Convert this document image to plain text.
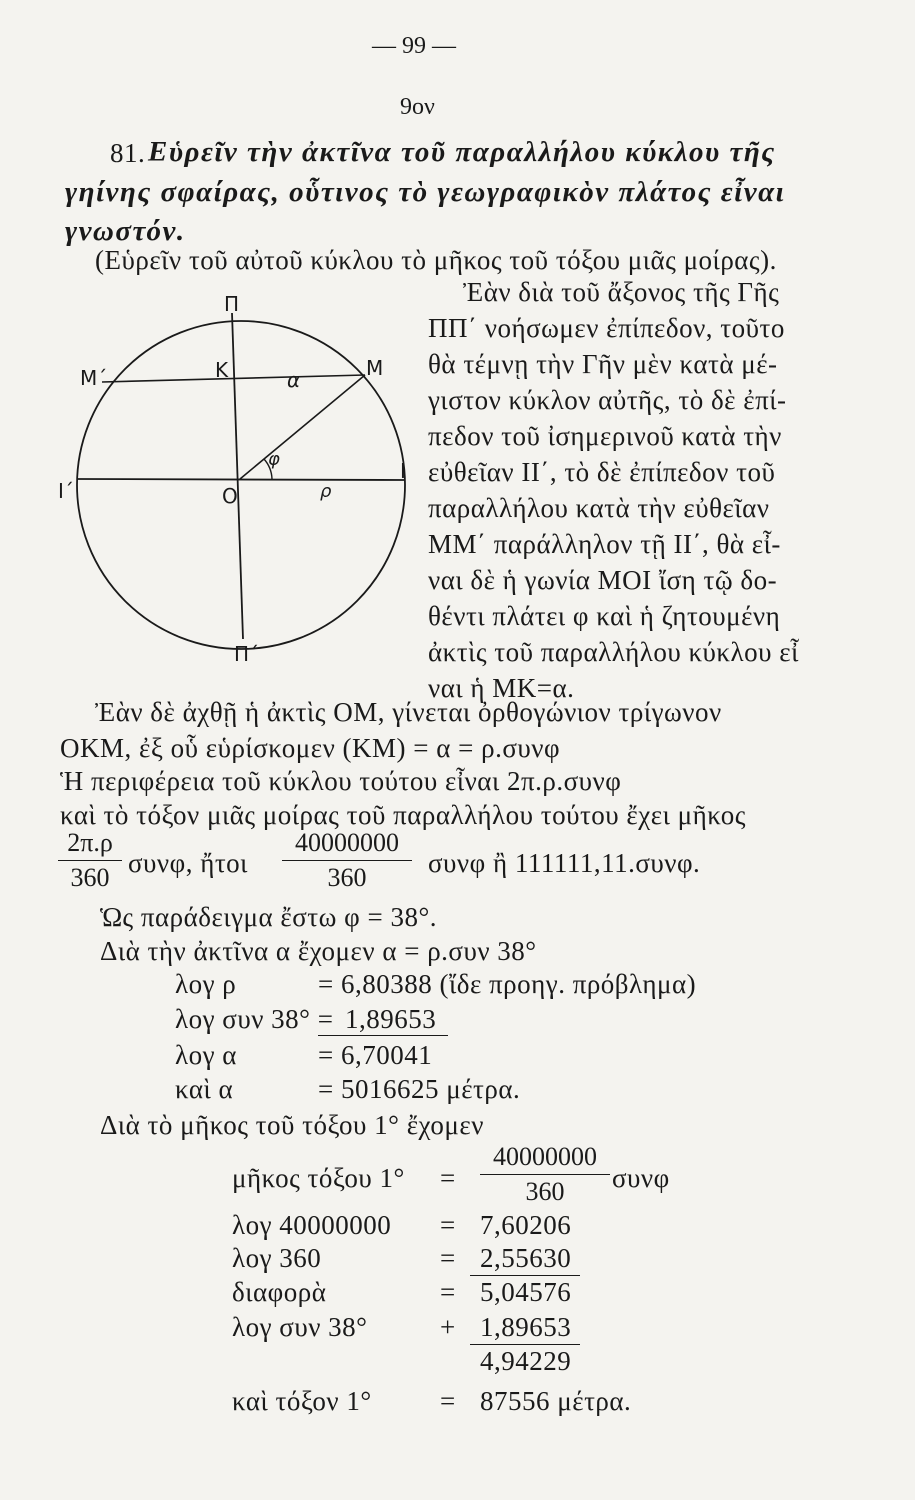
— 99 —
9ον
81. Εὑρεῖν τὴν ἀκτῖνα τοῦ παραλλήλου κύκλου τῆς
γηίνης σφαίρας, οὗτινος τὸ γεωγραφικὸν πλάτος εἶναι
γνωστόν.
(Εὑρεῖν τοῦ αὐτοῦ κύκλου τὸ μῆκος τοῦ τόξου μιᾶς μοίρας).
Ἐὰν διὰ τοῦ ἄξονος τῆς Γῆς
ΠΠ΄ νοήσωμεν ἐπίπεδον, τοῦτο
θὰ τέμνῃ τὴν Γῆν μὲν κατὰ μέ-
γιστον κύκλον αὐτῆς, τὸ δὲ ἐπί-
πεδον τοῦ ἰσημερινοῦ κατὰ τὴν
εὐθεῖαν ΙΙ΄, τὸ δὲ ἐπίπεδον τοῦ
παραλλήλου κατὰ τὴν εὐθεῖαν
ΜΜ΄ παράλληλον τῇ ΙΙ΄, θὰ εἶ-
ναι δὲ ἡ γωνία ΜΟΙ ἴση τῷ δο-
θέντι πλάτει φ καὶ ἡ ζητουμένη
ἀκτὶς τοῦ παραλλήλου κύκλου εἶ
ναι ἡ ΜΚ=α.
Π
Π΄
Μ΄	Μ
Κ	α
φ
ρ
Ι
Ι΄	Ο
Ἐὰν δὲ ἀχθῇ ἡ ἀκτὶς ΟΜ, γίνεται ὀρθογώνιον τρίγωνον
ΟΚΜ, ἐξ οὗ εὑρίσκομεν (ΚΜ) = α = ρ.συνφ
Ἡ περιφέρεια τοῦ κύκλου τούτου εἶναι 2π.ρ.συνφ
καὶ τὸ τόξον μιᾶς μοίρας τοῦ παραλλήλου τούτου ἔχει μῆκος
2π.ρ
360 συνφ, ἤτοι
40000000
360	συνφ ἢ 111111,11.συνφ.
Ὡς παράδειγμα ἔστω φ = 38°.
Διὰ τὴν ἀκτῖνα α ἔχομεν α = ρ.συν 38°
λογ ρ	= 6,80388 (ἴδε προηγ. πρόβλημα)
λογ συν 38° = 1,89653
λογ α	= 6,70041
καὶ α	= 5016625 μέτρα.
Διὰ τὸ μῆκος τοῦ τόξου 1° ἔχομεν
μῆκος τόξου 1° =
40000000
360	συνφ
λογ 40000000 = 7,60206
λογ 360	= 2,55630
διαφορὰ	= 5,04576
λογ συν 38°	+ 1,89653
4,94229
καὶ τόξον 1°	= 87556 μέτρα.
